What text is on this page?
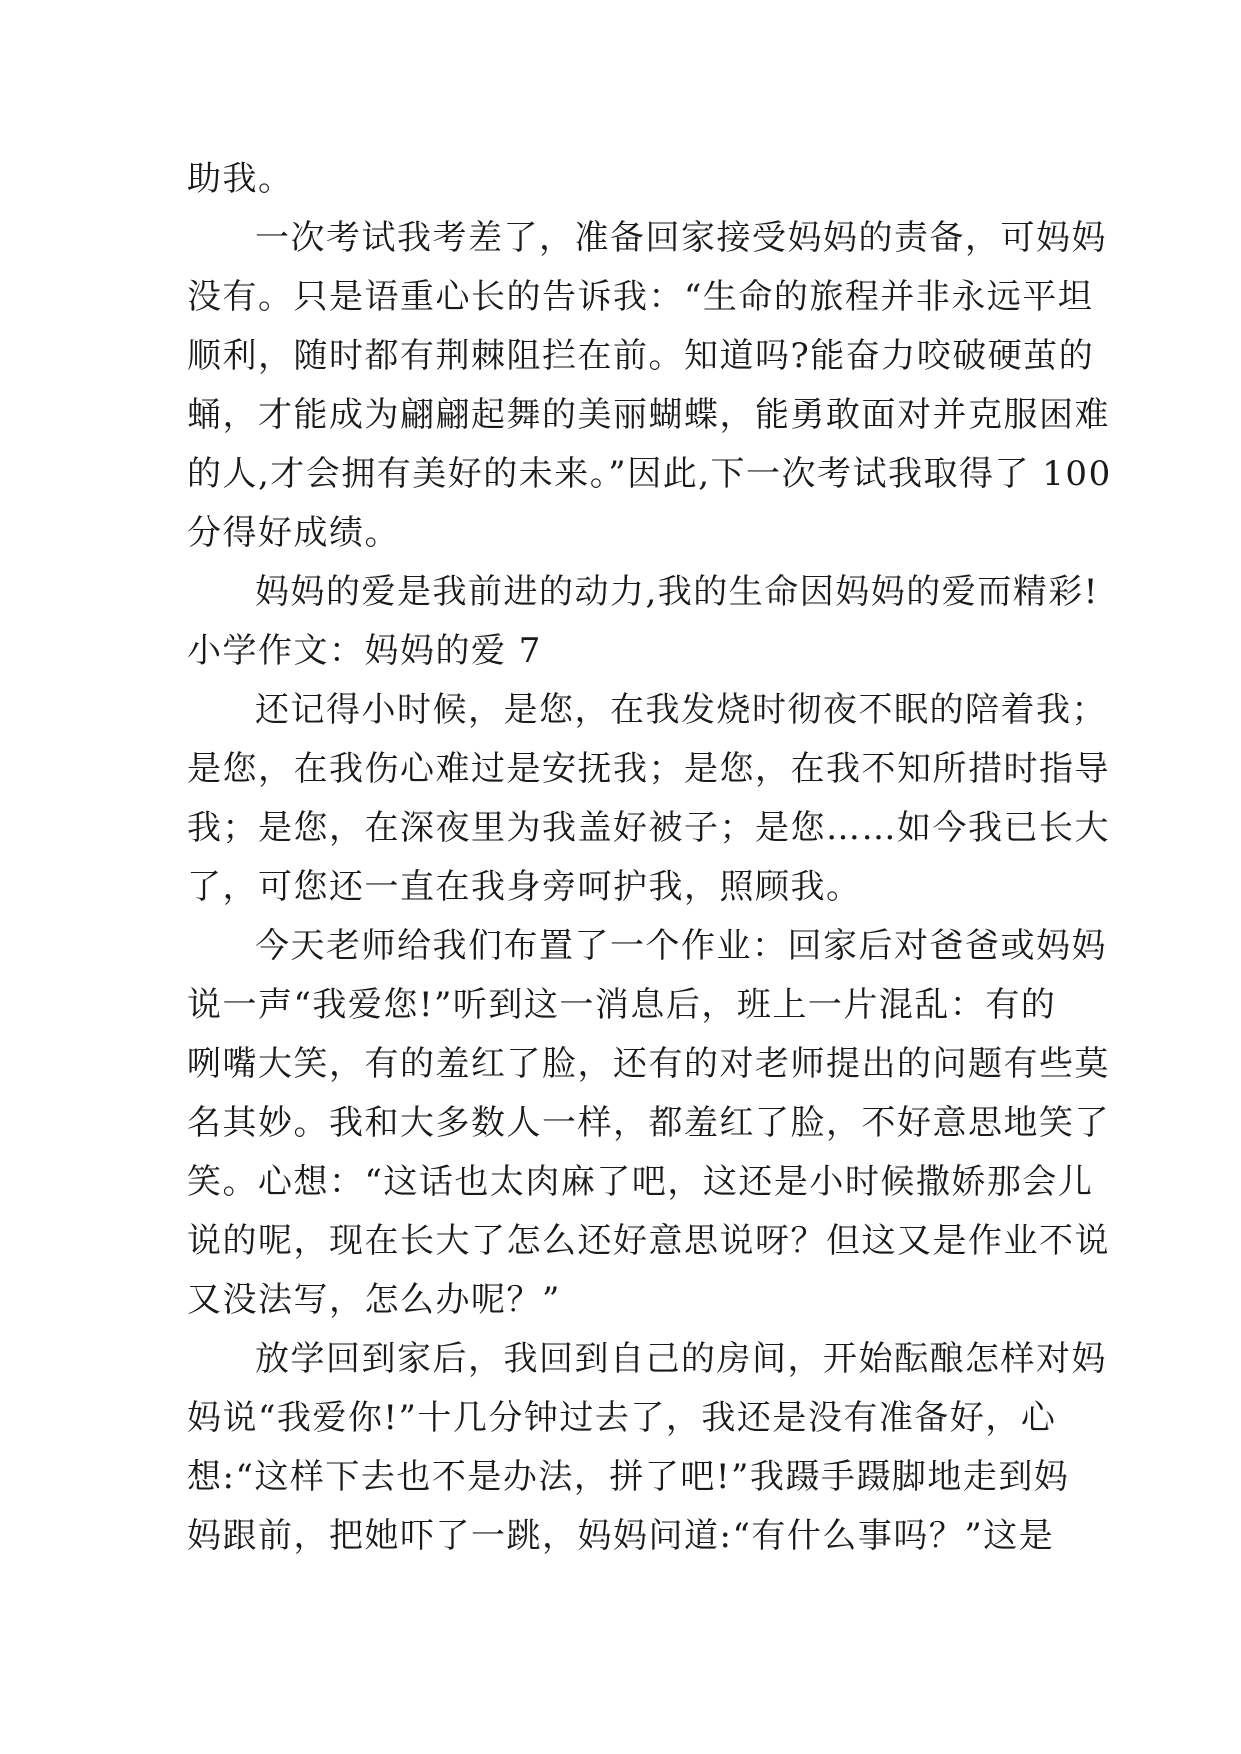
助我。
一次考试我考差了，准备回家接受妈妈的责备，可妈妈
没有。只是语重心长的告诉我：“生命的旅程并非永远平坦
顺利，随时都有荆棘阻拦在前。知道吗?能奋力咬破硬茧的
蛹，才能成为翩翩起舞的美丽蝴蝶，能勇敢面对并克服困难
的人,才会拥有美好的未来。”因此,下一次考试我取得了 100
分得好成绩。
妈妈的爱是我前进的动力,我的生命因妈妈的爱而精彩!
小学作文：妈妈的爱 7
还记得小时候，是您，在我发烧时彻夜不眠的陪着我；
是您，在我伤心难过是安抚我；是您，在我不知所措时指导
我；是您，在深夜里为我盖好被子；是您……如今我已长大
了，可您还一直在我身旁呵护我，照顾我。
今天老师给我们布置了一个作业：回家后对爸爸或妈妈
说一声“我爱您!”听到这一消息后，班上一片混乱：有的
咧嘴大笑，有的羞红了脸，还有的对老师提出的问题有些莫
名其妙。我和大多数人一样，都羞红了脸，不好意思地笑了
笑。心想：“这话也太肉麻了吧，这还是小时候撒娇那会儿
说的呢，现在长大了怎么还好意思说呀？但这又是作业不说
又没法写，怎么办呢？”
放学回到家后，我回到自己的房间，开始酝酿怎样对妈
妈说“我爱你!”十几分钟过去了，我还是没有准备好，心
想:“这样下去也不是办法，拼了吧!”我蹑手蹑脚地走到妈
妈跟前，把她吓了一跳，妈妈问道:“有什么事吗？”这是
